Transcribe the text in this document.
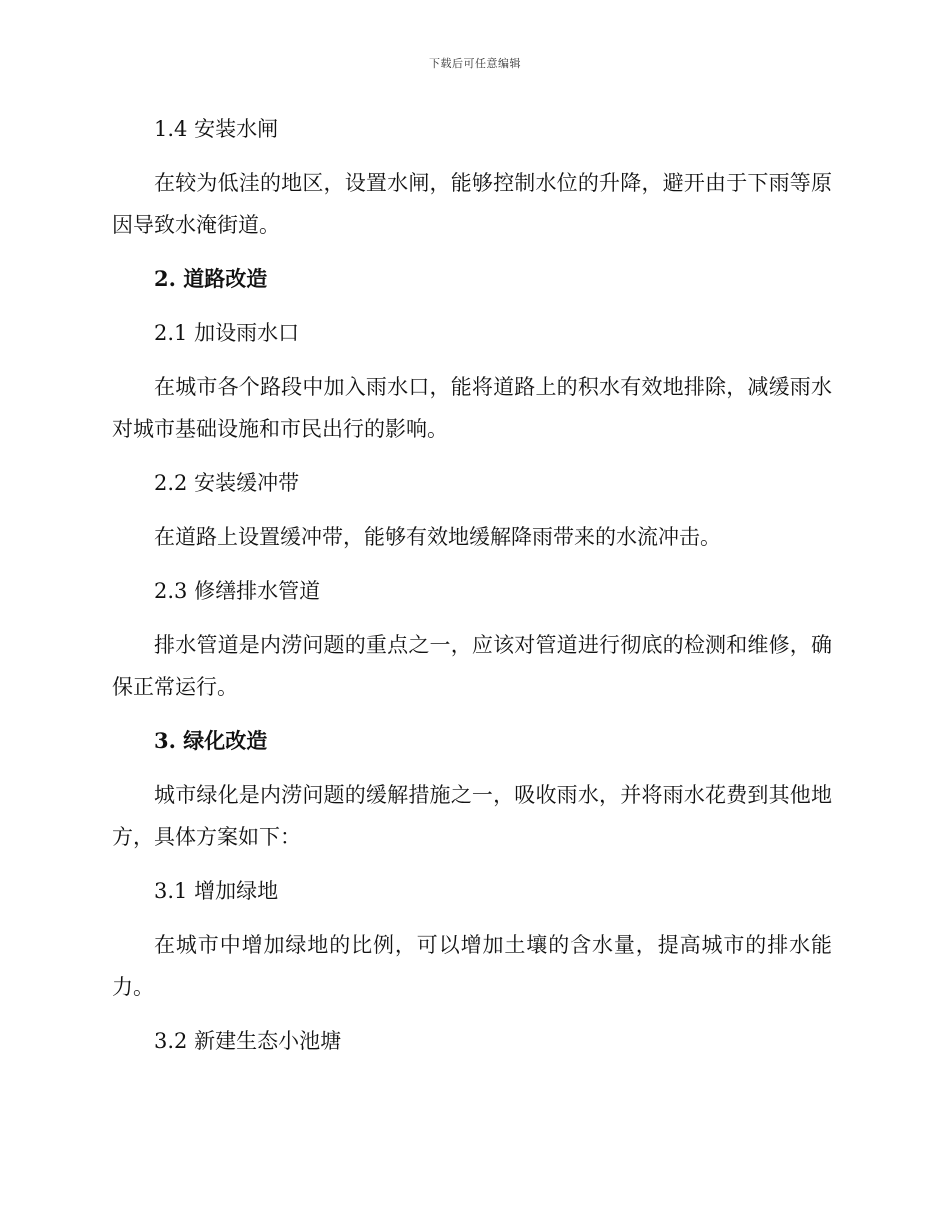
下载后可任意编辑
1.4 安装水闸

在较为低洼的地区，设置水闸，能够控制水位的升降，避开由于下雨等原因导致水淹街道。

2. 道路改造
2.1 加设雨水口

在城市各个路段中加入雨水口，能将道路上的积水有效地排除，减缓雨水对城市基础设施和市民出行的影响。

2.2 安装缓冲带

在道路上设置缓冲带，能够有效地缓解降雨带来的水流冲击。

2.3 修缮排水管道

排水管道是内涝问题的重点之一，应该对管道进行彻底的检测和维修，确保正常运行。

3. 绿化改造

城市绿化是内涝问题的缓解措施之一，吸收雨水，并将雨水花费到其他地方，具体方案如下：

3.1 增加绿地

在城市中增加绿地的比例，可以增加土壤的含水量，提高城市的排水能力。

3.2 新建生态小池塘
